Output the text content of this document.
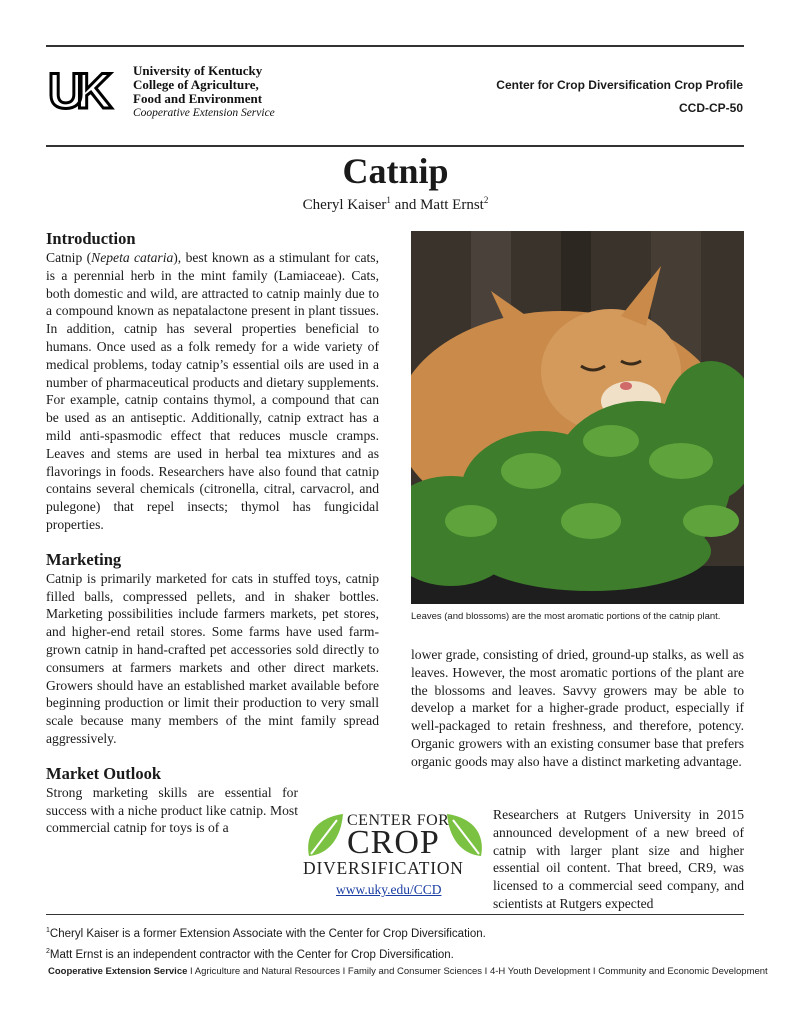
UK University of Kentucky
College of Agriculture,
Food and Environment
Cooperative Extension Service
Center for Crop Diversification Crop Profile
CCD-CP-50
Catnip
Cheryl Kaiser$^1$ and Matt Ernst$^2$
Introduction

Catnip (Nepeta cataria), best known as a stimulant for cats, is a perennial herb in the mint family (Lamiaceae). Cats, both domestic and wild, are attracted to catnip mainly due to a compound known as nepatalactone present in plant tissues. In addition, catnip has several properties beneficial to humans. Once used as a folk remedy for a wide variety of medical problems, today catnip’s essential oils are used in a number of pharmaceutical products and dietary supplements. For example, catnip contains thymol, a compound that can be used as an antiseptic. Additionally, catnip extract has a mild anti-spasmodic effect that reduces muscle cramps. Leaves and stems are used in herbal tea mixtures and as flavorings in foods. Researchers have also found that catnip contains several chemicals (citronella, citral, carvacrol, and pulegone) that repel insects; thymol has fungicidal properties.

Marketing

Catnip is primarily marketed for cats in stuffed toys, catnip filled balls, compressed pellets, and in shaker bottles. Marketing possibilities include farmers markets, pet stores, and higher-end retail stores. Some farms have used farm-grown catnip in hand-crafted pet accessories sold directly to consumers at farmers markets and other direct markets. Growers should have an established market available before beginning production or limit their production to very small scale because many members of the mint family spread aggressively.

Market Outlook

Strong marketing skills are essential for success with a niche product like catnip. Most commercial catnip for toys is of a

Leaves (and blossoms) are the most aromatic portions of the catnip plant.

lower grade, consisting of dried, ground-up stalks, as well as leaves. However, the most aromatic portions of the plant are the blossoms and leaves. Savvy growers may be able to develop a market for a higher-grade product, especially if well-packaged to retain freshness, and therefore, potency. Organic growers with an existing consumer base that prefers organic goods may also have a distinct marketing advantage.

Researchers at Rutgers University in 2015 announced development of a new breed of catnip with larger plant size and higher essential oil content. That breed, CR9, was licensed to a commercial seed company, and scientists at Rutgers expected

CENTER FOR
CROP
DIVERSIFICATION
www.uky.edu/CCD
$^1$Cheryl Kaiser is a former Extension Associate with the Center for Crop Diversification.
$^2$Matt Ernst is an independent contractor with the Center for Crop Diversification.
Cooperative Extension Service I Agriculture and Natural Resources I Family and Consumer Sciences I 4-H Youth Development I Community and Economic Development
